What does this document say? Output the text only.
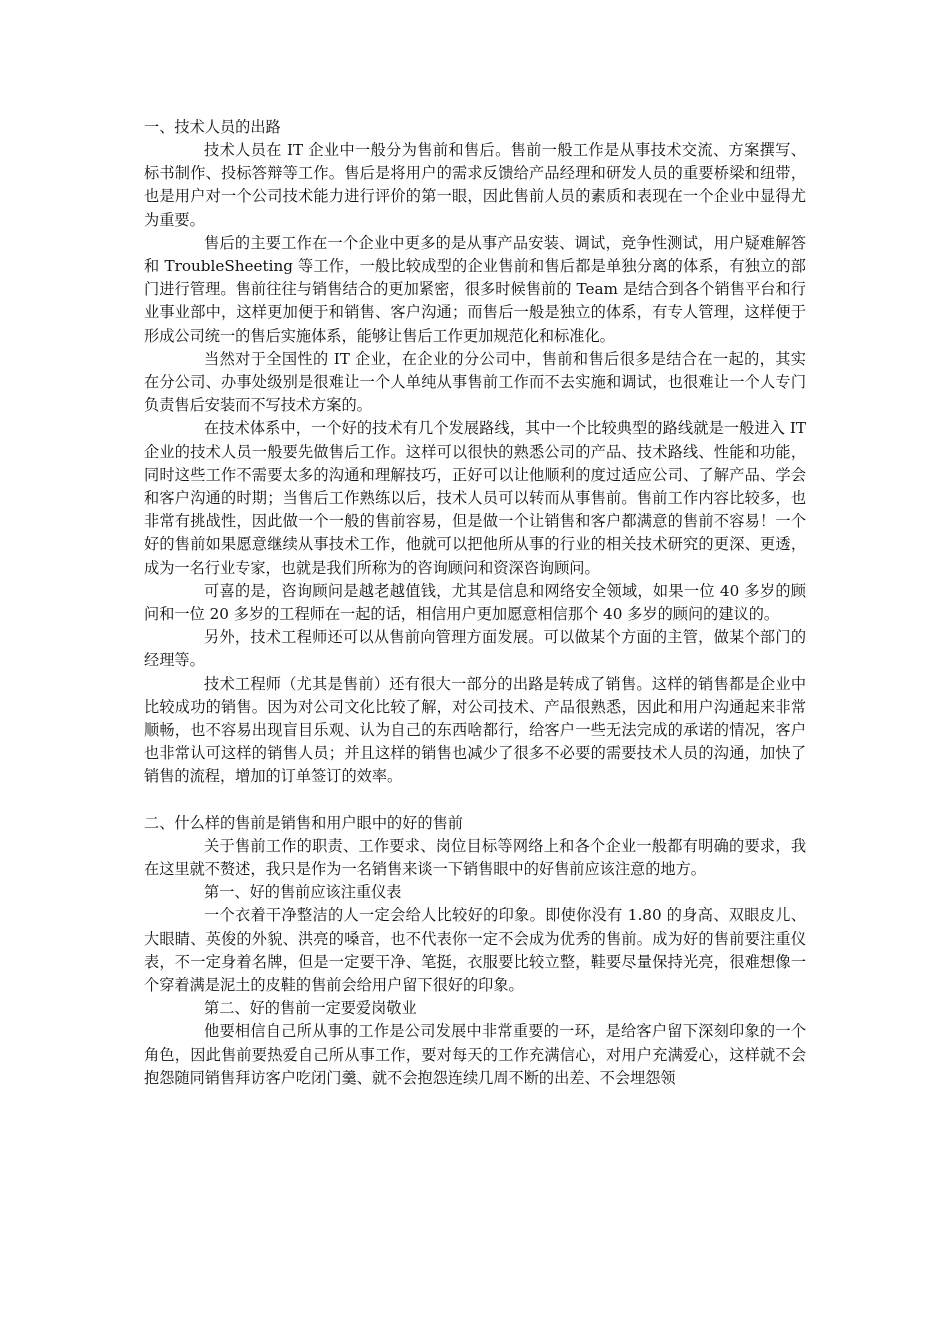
一、技术人员的出路

技术人员在 IT 企业中一般分为售前和售后。售前一般工作是从事技术交流、方案撰写、标书制作、投标答辩等工作。售后是将用户的需求反馈给产品经理和研发人员的重要桥梁和纽带，也是用户对一个公司技术能力进行评价的第一眼，因此售前人员的素质和表现在一个企业中显得尤为重要。

售后的主要工作在一个企业中更多的是从事产品安装、调试，竞争性测试，用户疑难解答和 TroubleSheeting 等工作，一般比较成型的企业售前和售后都是单独分离的体系，有独立的部门进行管理。售前往往与销售结合的更加紧密，很多时候售前的 Team 是结合到各个销售平台和行业事业部中，这样更加便于和销售、客户沟通；而售后一般是独立的体系，有专人管理，这样便于形成公司统一的售后实施体系，能够让售后工作更加规范化和标准化。

当然对于全国性的 IT 企业，在企业的分公司中，售前和售后很多是结合在一起的，其实在分公司、办事处级别是很难让一个人单纯从事售前工作而不去实施和调试，也很难让一个人专门负责售后安装而不写技术方案的。

在技术体系中，一个好的技术有几个发展路线，其中一个比较典型的路线就是一般进入 IT 企业的技术人员一般要先做售后工作。这样可以很快的熟悉公司的产品、技术路线、性能和功能，同时这些工作不需要太多的沟通和理解技巧，正好可以让他顺利的度过适应公司、了解产品、学会和客户沟通的时期；当售后工作熟练以后，技术人员可以转而从事售前。售前工作内容比较多，也非常有挑战性，因此做一个一般的售前容易，但是做一个让销售和客户都满意的售前不容易！一个好的售前如果愿意继续从事技术工作，他就可以把他所从事的行业的相关技术研究的更深、更透，成为一名行业专家，也就是我们所称为的咨询顾问和资深咨询顾问。

可喜的是，咨询顾问是越老越值钱，尤其是信息和网络安全领域，如果一位 40 多岁的顾问和一位 20 多岁的工程师在一起的话，相信用户更加愿意相信那个 40 多岁的顾问的建议的。

另外，技术工程师还可以从售前向管理方面发展。可以做某个方面的主管，做某个部门的经理等。

技术工程师（尤其是售前）还有很大一部分的出路是转成了销售。这样的销售都是企业中比较成功的销售。因为对公司文化比较了解，对公司技术、产品很熟悉，因此和用户沟通起来非常顺畅，也不容易出现盲目乐观、认为自己的东西啥都行，给客户一些无法完成的承诺的情况，客户也非常认可这样的销售人员；并且这样的销售也减少了很多不必要的需要技术人员的沟通，加快了销售的流程，增加的订单签订的效率。

二、什么样的售前是销售和用户眼中的好的售前

关于售前工作的职责、工作要求、岗位目标等网络上和各个企业一般都有明确的要求，我在这里就不赘述，我只是作为一名销售来谈一下销售眼中的好售前应该注意的地方。

第一、好的售前应该注重仪表

一个衣着干净整洁的人一定会给人比较好的印象。即使你没有 1.80 的身高、双眼皮儿、大眼睛、英俊的外貌、洪亮的嗓音，也不代表你一定不会成为优秀的售前。成为好的售前要注重仪表，不一定身着名牌，但是一定要干净、笔挺，衣服要比较立整，鞋要尽量保持光亮，很难想像一个穿着满是泥土的皮鞋的售前会给用户留下很好的印象。

第二、好的售前一定要爱岗敬业

他要相信自己所从事的工作是公司发展中非常重要的一环，是给客户留下深刻印象的一个角色，因此售前要热爱自己所从事工作，要对每天的工作充满信心，对用户充满爱心，这样就不会抱怨随同销售拜访客户吃闭门羹、就不会抱怨连续几周不断的出差、不会埋怨领
